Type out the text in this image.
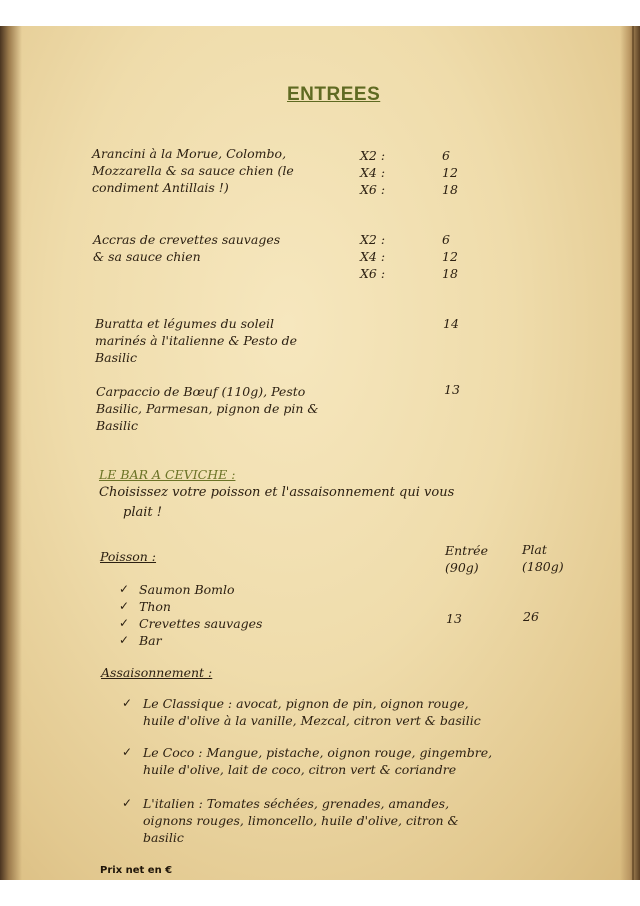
ENTREES

Arancini à la Morue, Colombo,

Mozzarella & sa sauce chien (le

condiment Antillais !)

X2 :

X4 :

X6 :

6

12

18

Accras de crevettes sauvages

& sa sauce chien

X2 :

X4 :

X6 :

6

12

18

Buratta et légumes du soleil

marinés à l'italienne & Pesto de

Basilic

14

Carpaccio de Bœuf (110g), Pesto

Basilic, Parmesan, pignon de pin &

Basilic

13

LE BAR A CEVICHE :

Choisissez votre poisson et l'assaisonnement qui vous

plait !

Poisson :	Entrée

(90g)

Plat

(180g)

✓ Saumon Bomlo

✓ Thon

✓ Crevettes sauvages

✓ Bar

13	26

Assaisonnement :

✓ Le Classique : avocat, pignon de pin, oignon rouge,

huile d'olive à la vanille, Mezcal, citron vert & basilic

✓ Le Coco : Mangue, pistache, oignon rouge, gingembre,

huile d'olive, lait de coco, citron vert & coriandre

✓ L'italien : Tomates séchées, grenades, amandes,

oignons rouges, limoncello, huile d'olive, citron &

basilic

Prix net en €
